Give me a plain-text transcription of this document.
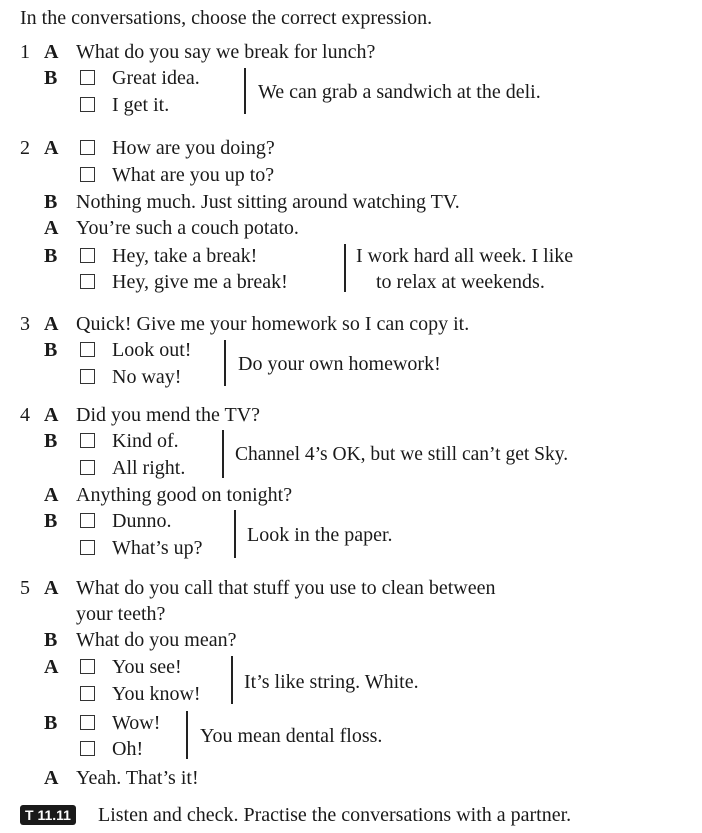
In the conversations, choose the correct expression.
1 A What do you say we break for lunch?
B	Great idea.
I get it.
We can grab a sandwich at the deli.
2 A	How are you doing?
What are you up to?
B Nothing much. Just sitting around watching TV.
A You’re such a couch potato.
B	Hey, take a break!
Hey, give me a break!
I work hard all week. I like
to relax at weekends.
3 A Quick! Give me your homework so I can copy it.
B	Look out!
No way!
Do your own homework!
4 A Did you mend the TV?
B	Kind of.
All right.
Channel 4’s OK, but we still can’t get Sky.
A Anything good on tonight?
B	Dunno.
What’s up?
Look in the paper.
5 A What do you call that stuff you use to clean between
your teeth?
B What do you mean?
A	You see!
You know!
It’s like string. White.
B	Wow!
Oh!
You mean dental floss.
A Yeah. That’s it!
T 11.11 Listen and check. Practise the conversations with a partner.
